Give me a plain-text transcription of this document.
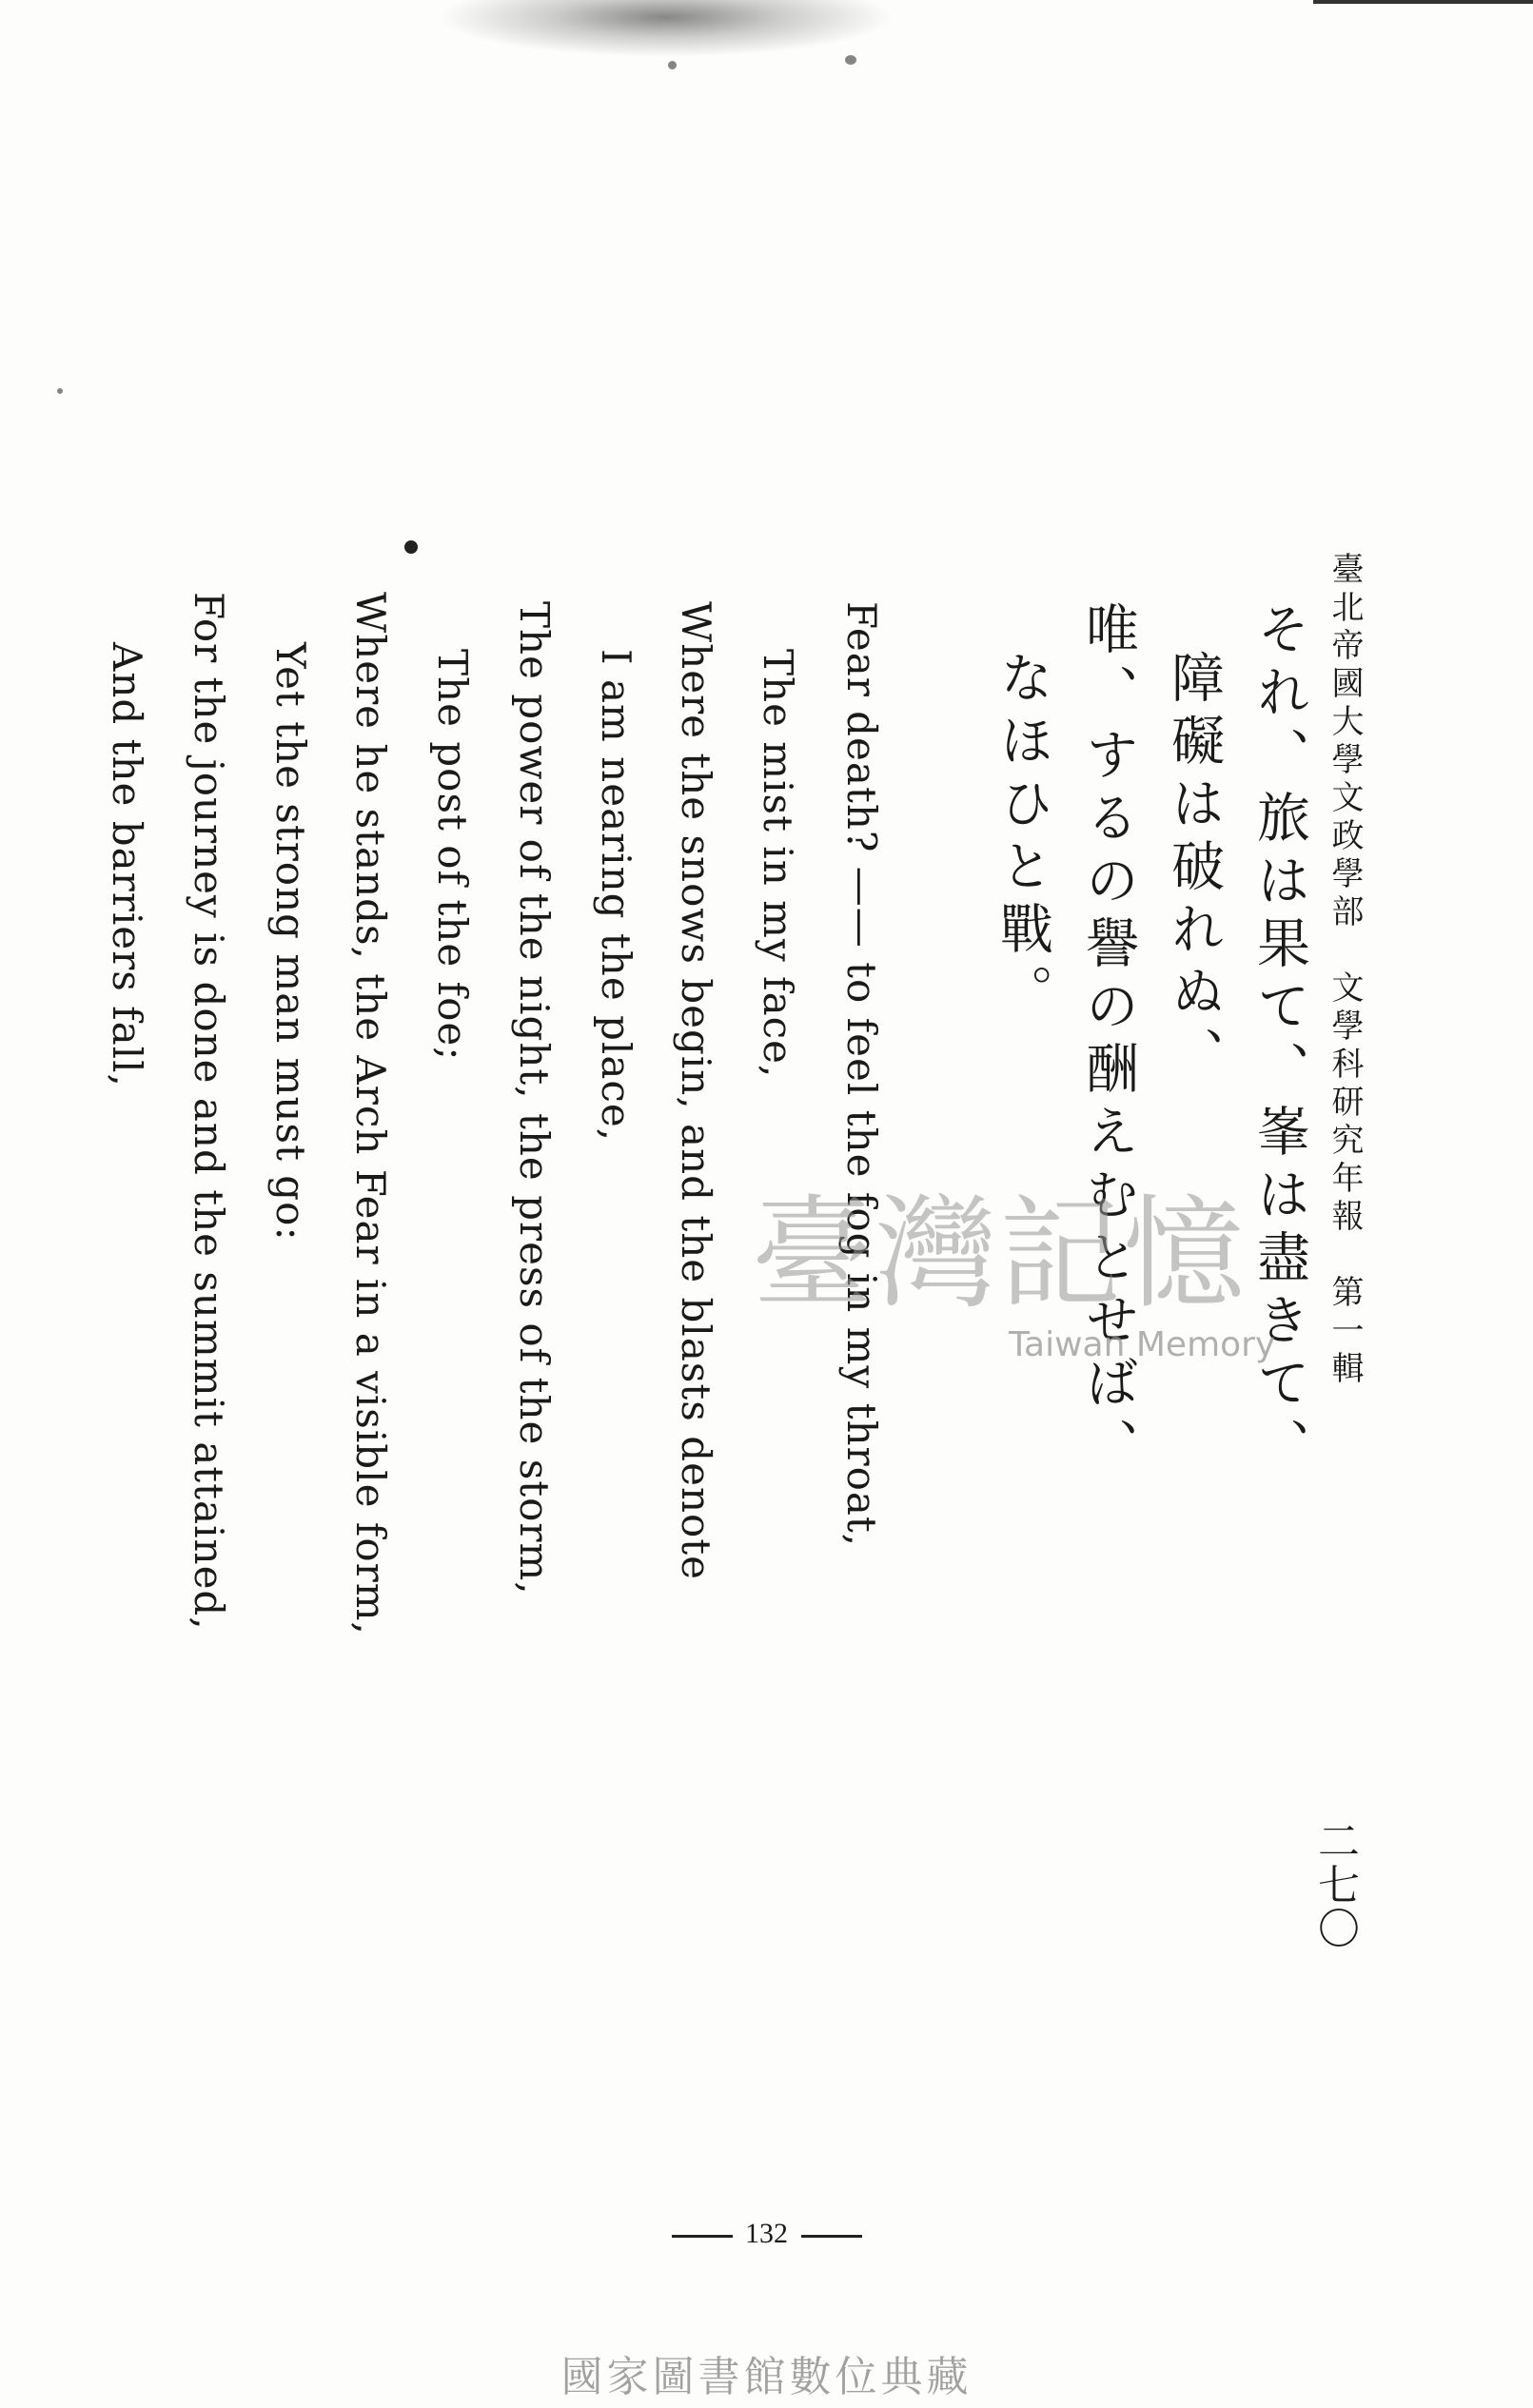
臺北帝國大學文政學部　文學科研究年報　第一輯
二七〇
それ、旅は果て、峯は盡きて、
障礙は破れぬ、
唯、するの譽の酬えむとせば、
なほひと戰。
Fear death? —— to feel the fog in my throat,
The mist in my face,
Where the snows begin, and the blasts denote
I am nearing the place,
The power of the night, the press of the storm,
The post of the foe;
Where he stands, the Arch Fear in a visible form,
Yet the strong man must go:
For the journey is done and the summit attained,
And the barriers fall,
臺灣記憶
Taiwan Memory
132
國家圖書館數位典藏
